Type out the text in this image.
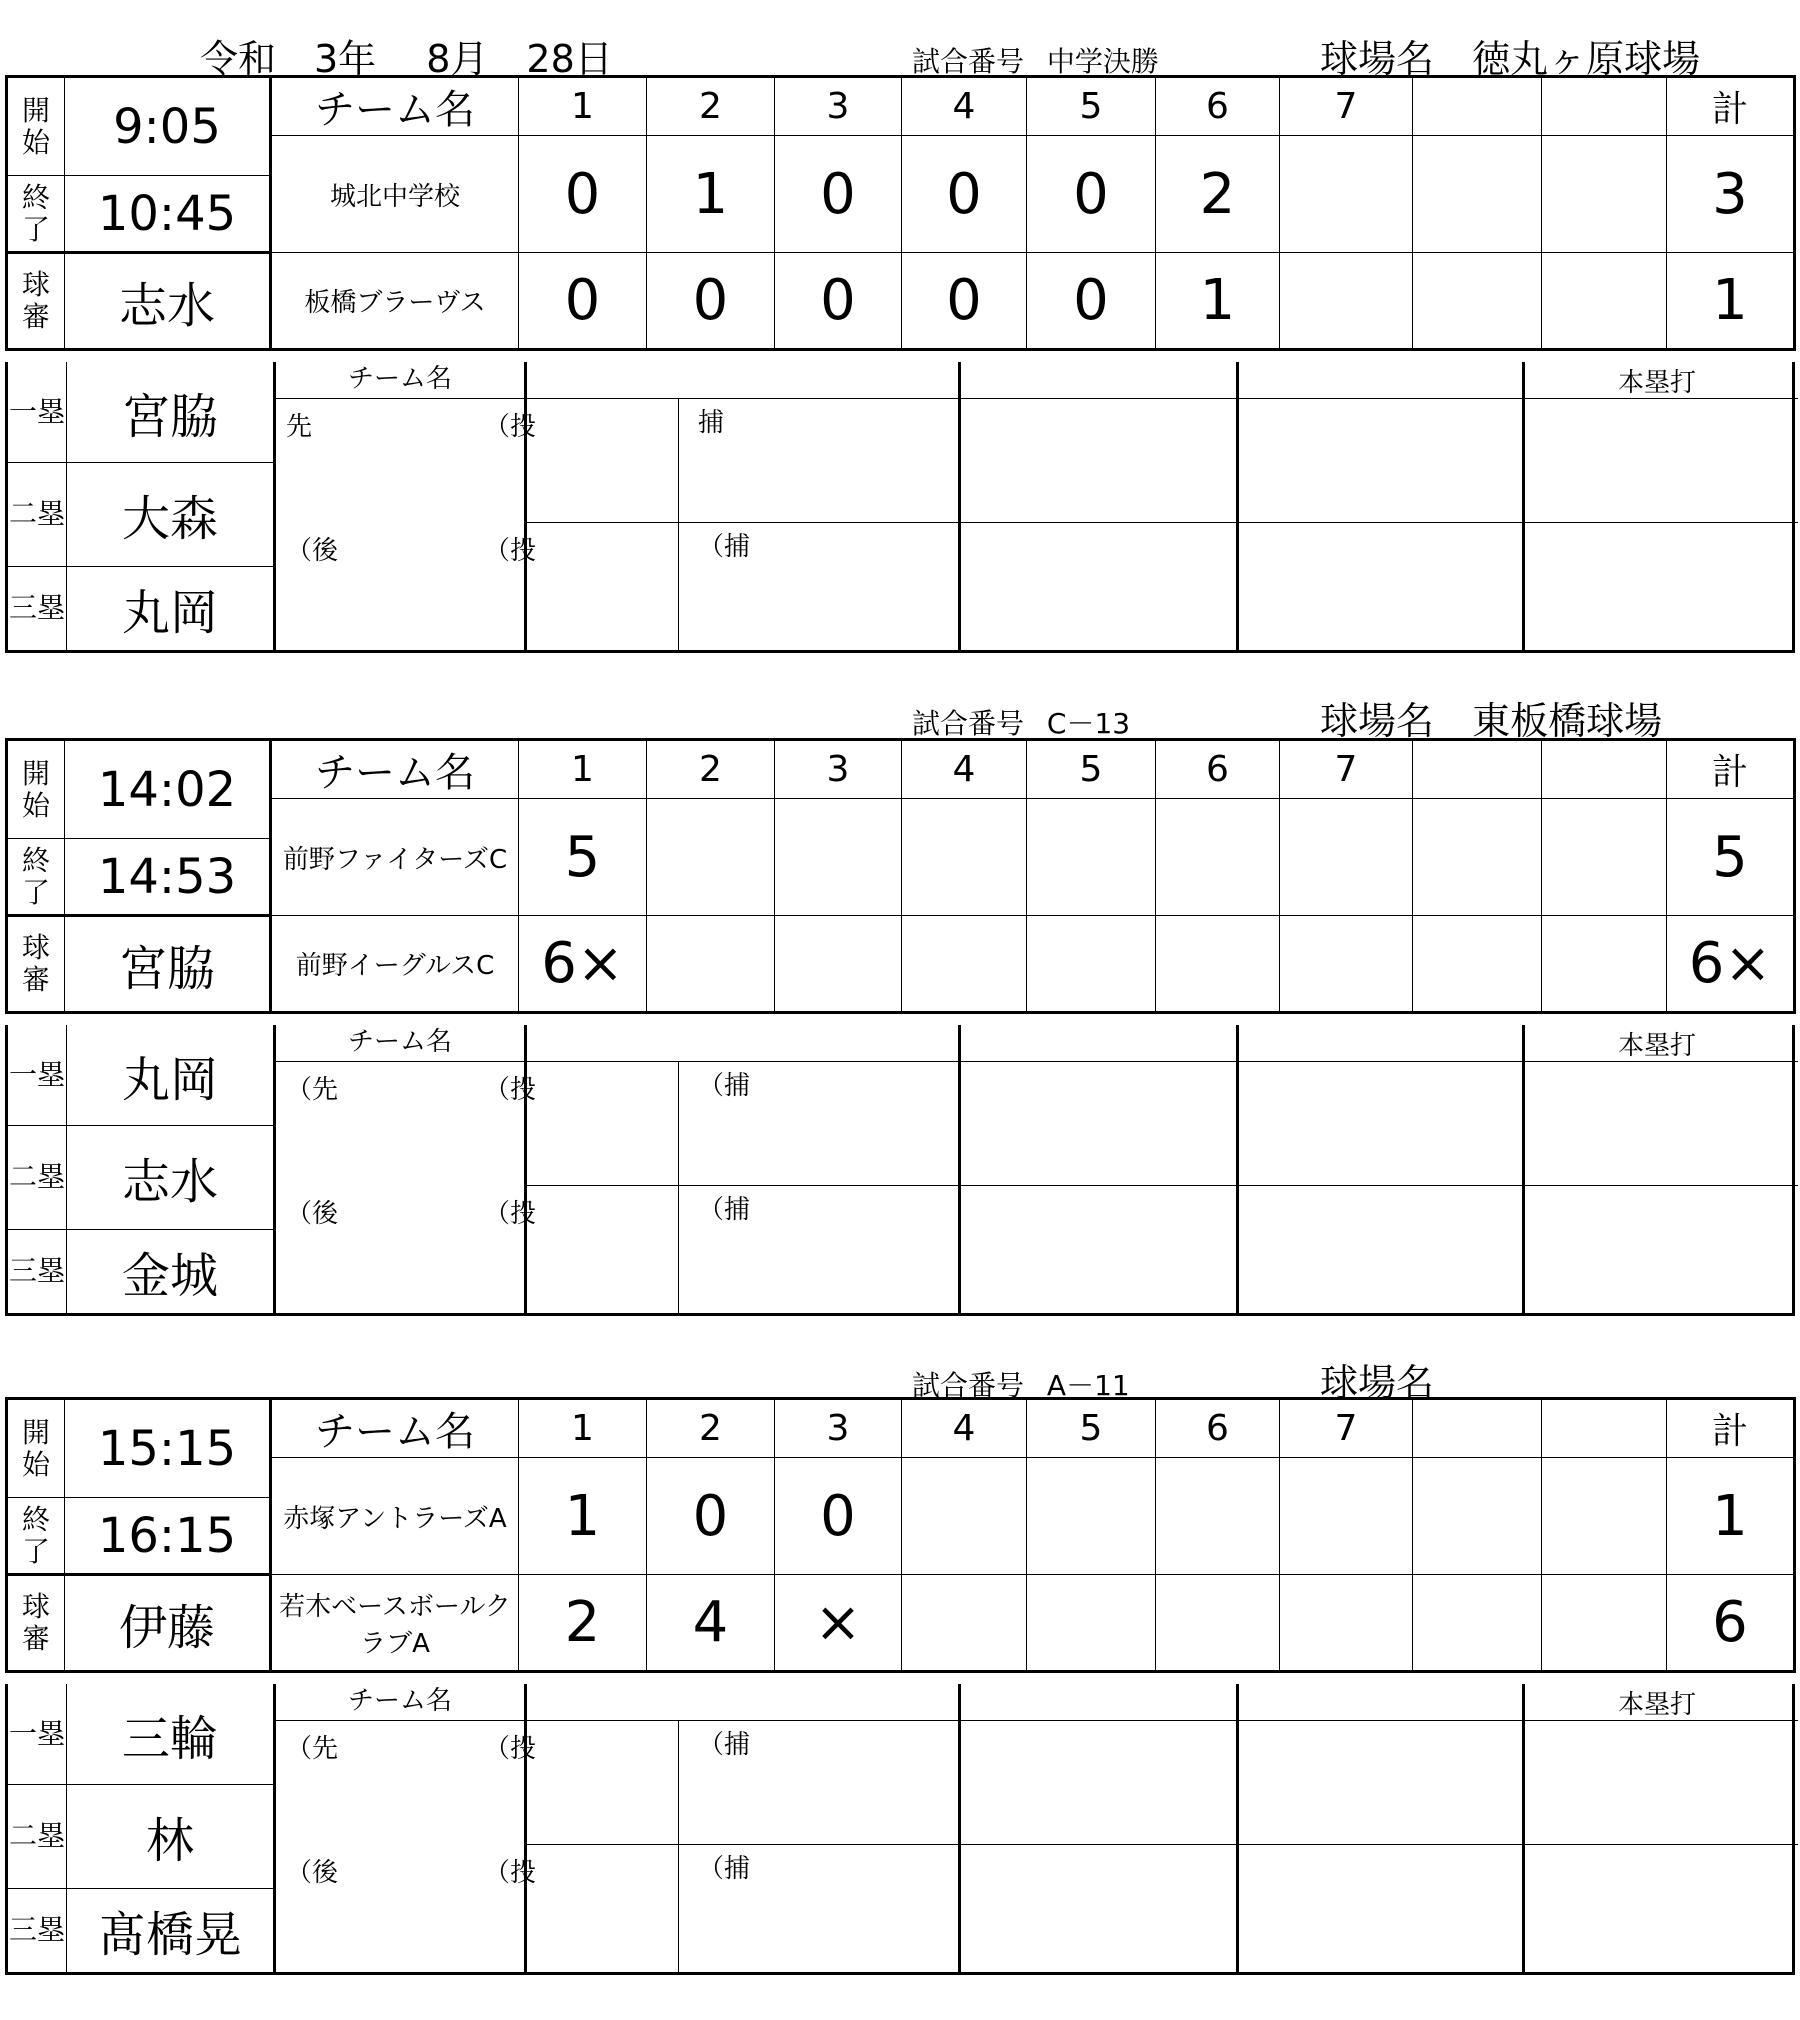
令和　3年　 8月　28日	試合番号 中学決勝	球場名 徳丸ヶ原球場
開
始	9:05	チーム名	1	2	3	4	5	6	7			計
		城北中学校	0	1	0	0	0	2				3
終
了	10:45											
球
審	志水	板橋ブラーヴス	0	0	0	0	0	1				1
一 塁	宮脇
二 塁	大森
三 塁	丸岡
チーム名
先	（投
（後	（投
捕
（捕
本塁打
試合番号 C－13	球場名 東板橋球場
開
始	14:02	チーム名	1	2	3	4	5	6	7			計
		前野ファイターズC	5									5
終
了	14:53											
球
審	宮脇	前野イーグルスC	6×									6×
一 塁	丸岡
二 塁	志水
三 塁	金城
チーム名
（先	（投
（後	（投
（捕
（捕
本塁打
試合番号 A－11	球場名
開
始	15:15	チーム名	1	2	3	4	5	6	7			計
		赤塚アントラーズA	1	0	0							1
終
了	16:15											
球
審	伊藤	若木ベースボールクラブA	2	4	×							6
一 塁	三輪
二 塁	林
三 塁 髙橋晃
チーム名
（先	（投
（後	（投
（捕
（捕
本塁打
